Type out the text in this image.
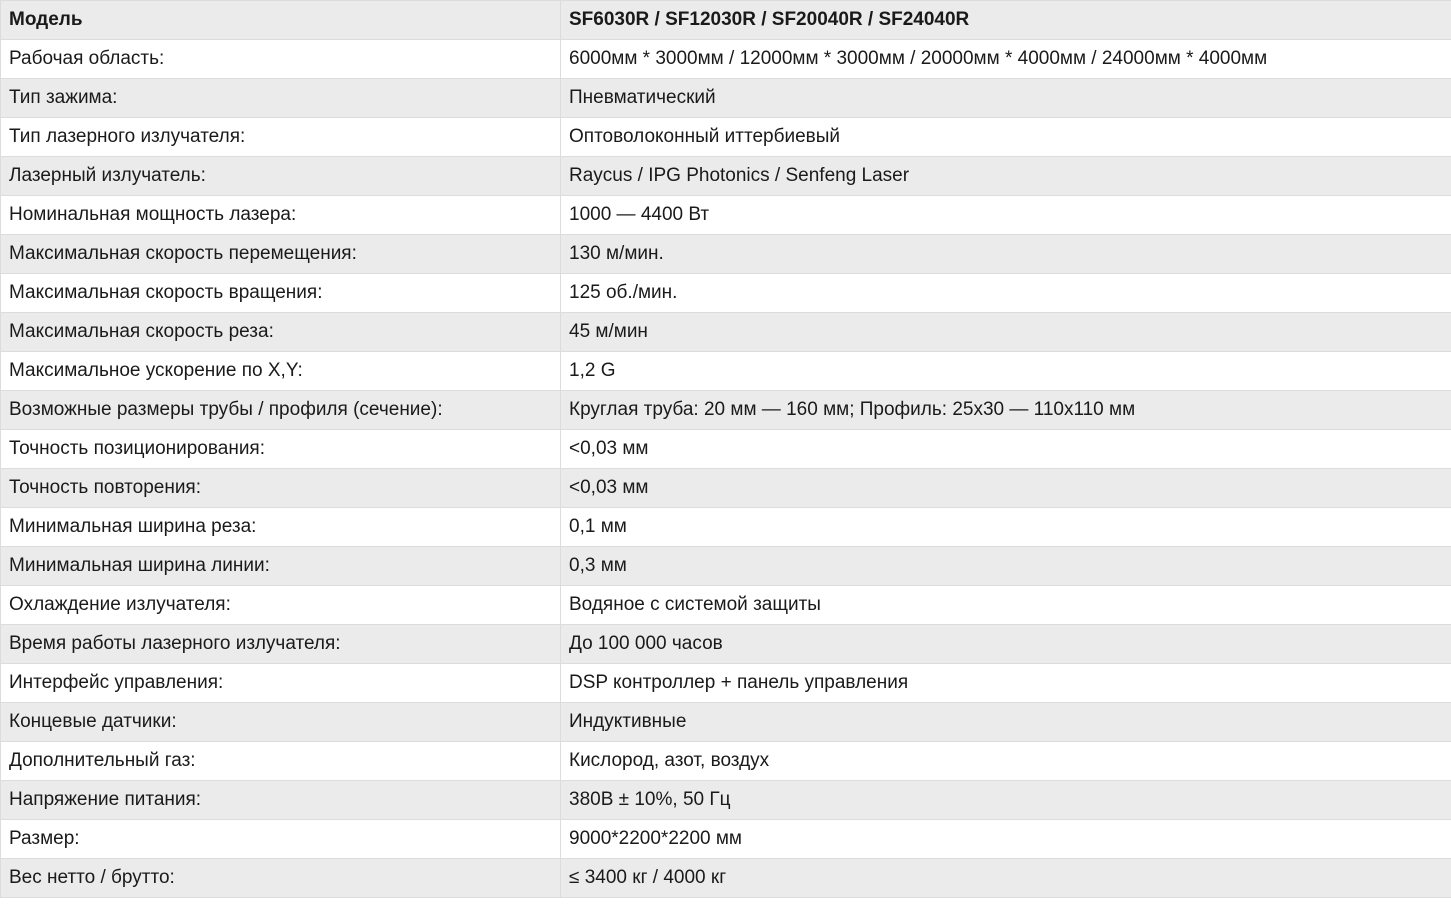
Модель	SF6030R / SF12030R / SF20040R / SF24040R
Рабочая область:	6000мм * 3000мм / 12000мм * 3000мм / 20000мм * 4000мм / 24000мм * 4000мм
Тип зажима:	Пневматический
Тип лазерного излучателя:	Оптоволоконный иттербиевый
Лазерный излучатель:	Raycus / IPG Photonics / Senfeng Laser
Номинальная мощность лазера:	1000 — 4400 Вт
Максимальная скорость перемещения:	130 м/мин.
Максимальная скорость вращения:	125 об./мин.
Максимальная скорость реза:	45 м/мин
Максимальное ускорение по X,Y:	1,2 G
Возможные размеры трубы / профиля (сечение):	Круглая труба: 20 мм — 160 мм; Профиль: 25x30 — 110x110 мм
Точность позиционирования:	<0,03 мм
Точность повторения:	<0,03 мм
Минимальная ширина реза:	0,1 мм
Минимальная ширина линии:	0,3 мм
Охлаждение излучателя:	Водяное с системой защиты
Время работы лазерного излучателя:	До 100 000 часов
Интерфейс управления:	DSP контроллер + панель управления
Концевые датчики:	Индуктивные
Дополнительный газ:	Кислород, азот, воздух
Напряжение питания:	380В ± 10%, 50 Гц
Размер:	9000*2200*2200 мм
Вес нетто / брутто:	≤ 3400 кг / 4000 кг
